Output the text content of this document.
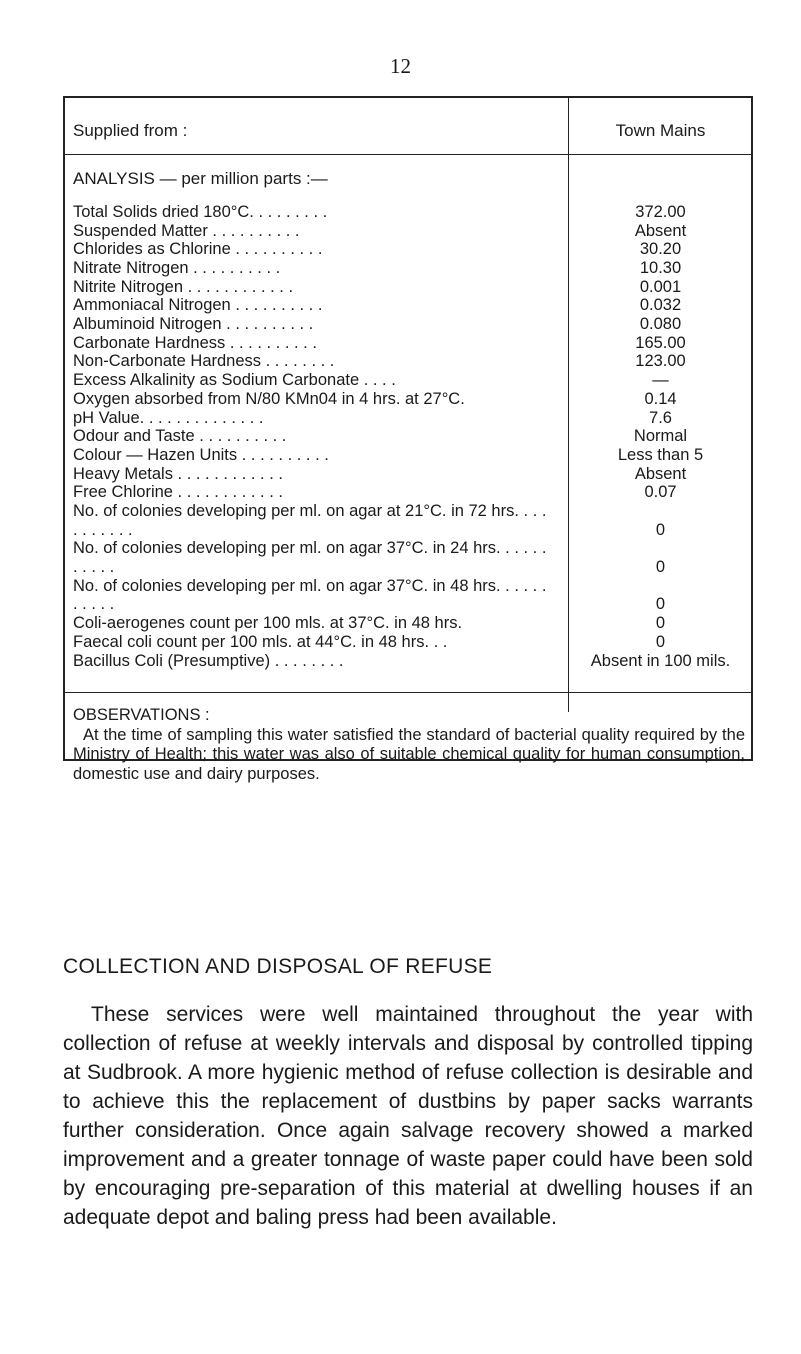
12
Supplied from :	Town Mains
ANALYSIS — per million parts :—
Total Solids dried 180°C. . . . . . . . .	372.00
Suspended Matter . . . . . . . . . .	Absent
Chlorides as Chlorine . . . . . . . . . .	30.20
Nitrate Nitrogen . . . . . . . . . .	10.30
Nitrite Nitrogen . . . . . . . . . . . .	0.001
Ammoniacal Nitrogen . . . . . . . . . .	0.032
Albuminoid Nitrogen . . . . . . . . . .	0.080
Carbonate Hardness . . . . . . . . . .	165.00
Non-Carbonate Hardness . . . . . . . .	123.00
Excess Alkalinity as Sodium Carbonate . . . .	—
Oxygen absorbed from N/80 KMn04 in 4 hrs. at 27°C.	0.14
pH Value. . . . . . . . . . . . . .	7.6
Odour and Taste . . . . . . . . . .	Normal
Colour — Hazen Units . . . . . . . . . .	Less than 5
Heavy Metals . . . . . . . . . . . .	Absent
Free Chlorine . . . . . . . . . . . .	0.07
No. of colonies developing per ml. on agar at 21°C. in 72 hrs. . . . . . . . . . .	0
No. of colonies developing per ml. on agar 37°C. in 24 hrs. . . . . . . . . . .	0
No. of colonies developing per ml. on agar 37°C. in 48 hrs. . . . . . . . . . .	0
Coli-aerogenes count per 100 mls. at 37°C. in 48 hrs.	0
Faecal coli count per 100 mls. at 44°C. in 48 hrs. . .	0
Bacillus Coli (Presumptive) . . . . . . . .	Absent in 100 mils.
OBSERVATIONS :
At the time of sampling this water satisfied the standard of bacterial quality required by the Ministry of Health; this water was also of suitable chemical quality for human consumption, domestic use and dairy purposes.
COLLECTION AND DISPOSAL OF REFUSE
These services were well maintained throughout the year with collection of refuse at weekly intervals and disposal by controlled tipping at Sudbrook. A more hygienic method of refuse collection is desirable and to achieve this the replacement of dustbins by paper sacks warrants further consideration. Once again salvage recovery showed a marked improvement and a greater tonnage of waste paper could have been sold by encouraging pre-separation of this material at dwelling houses if an adequate depot and baling press had been available.
